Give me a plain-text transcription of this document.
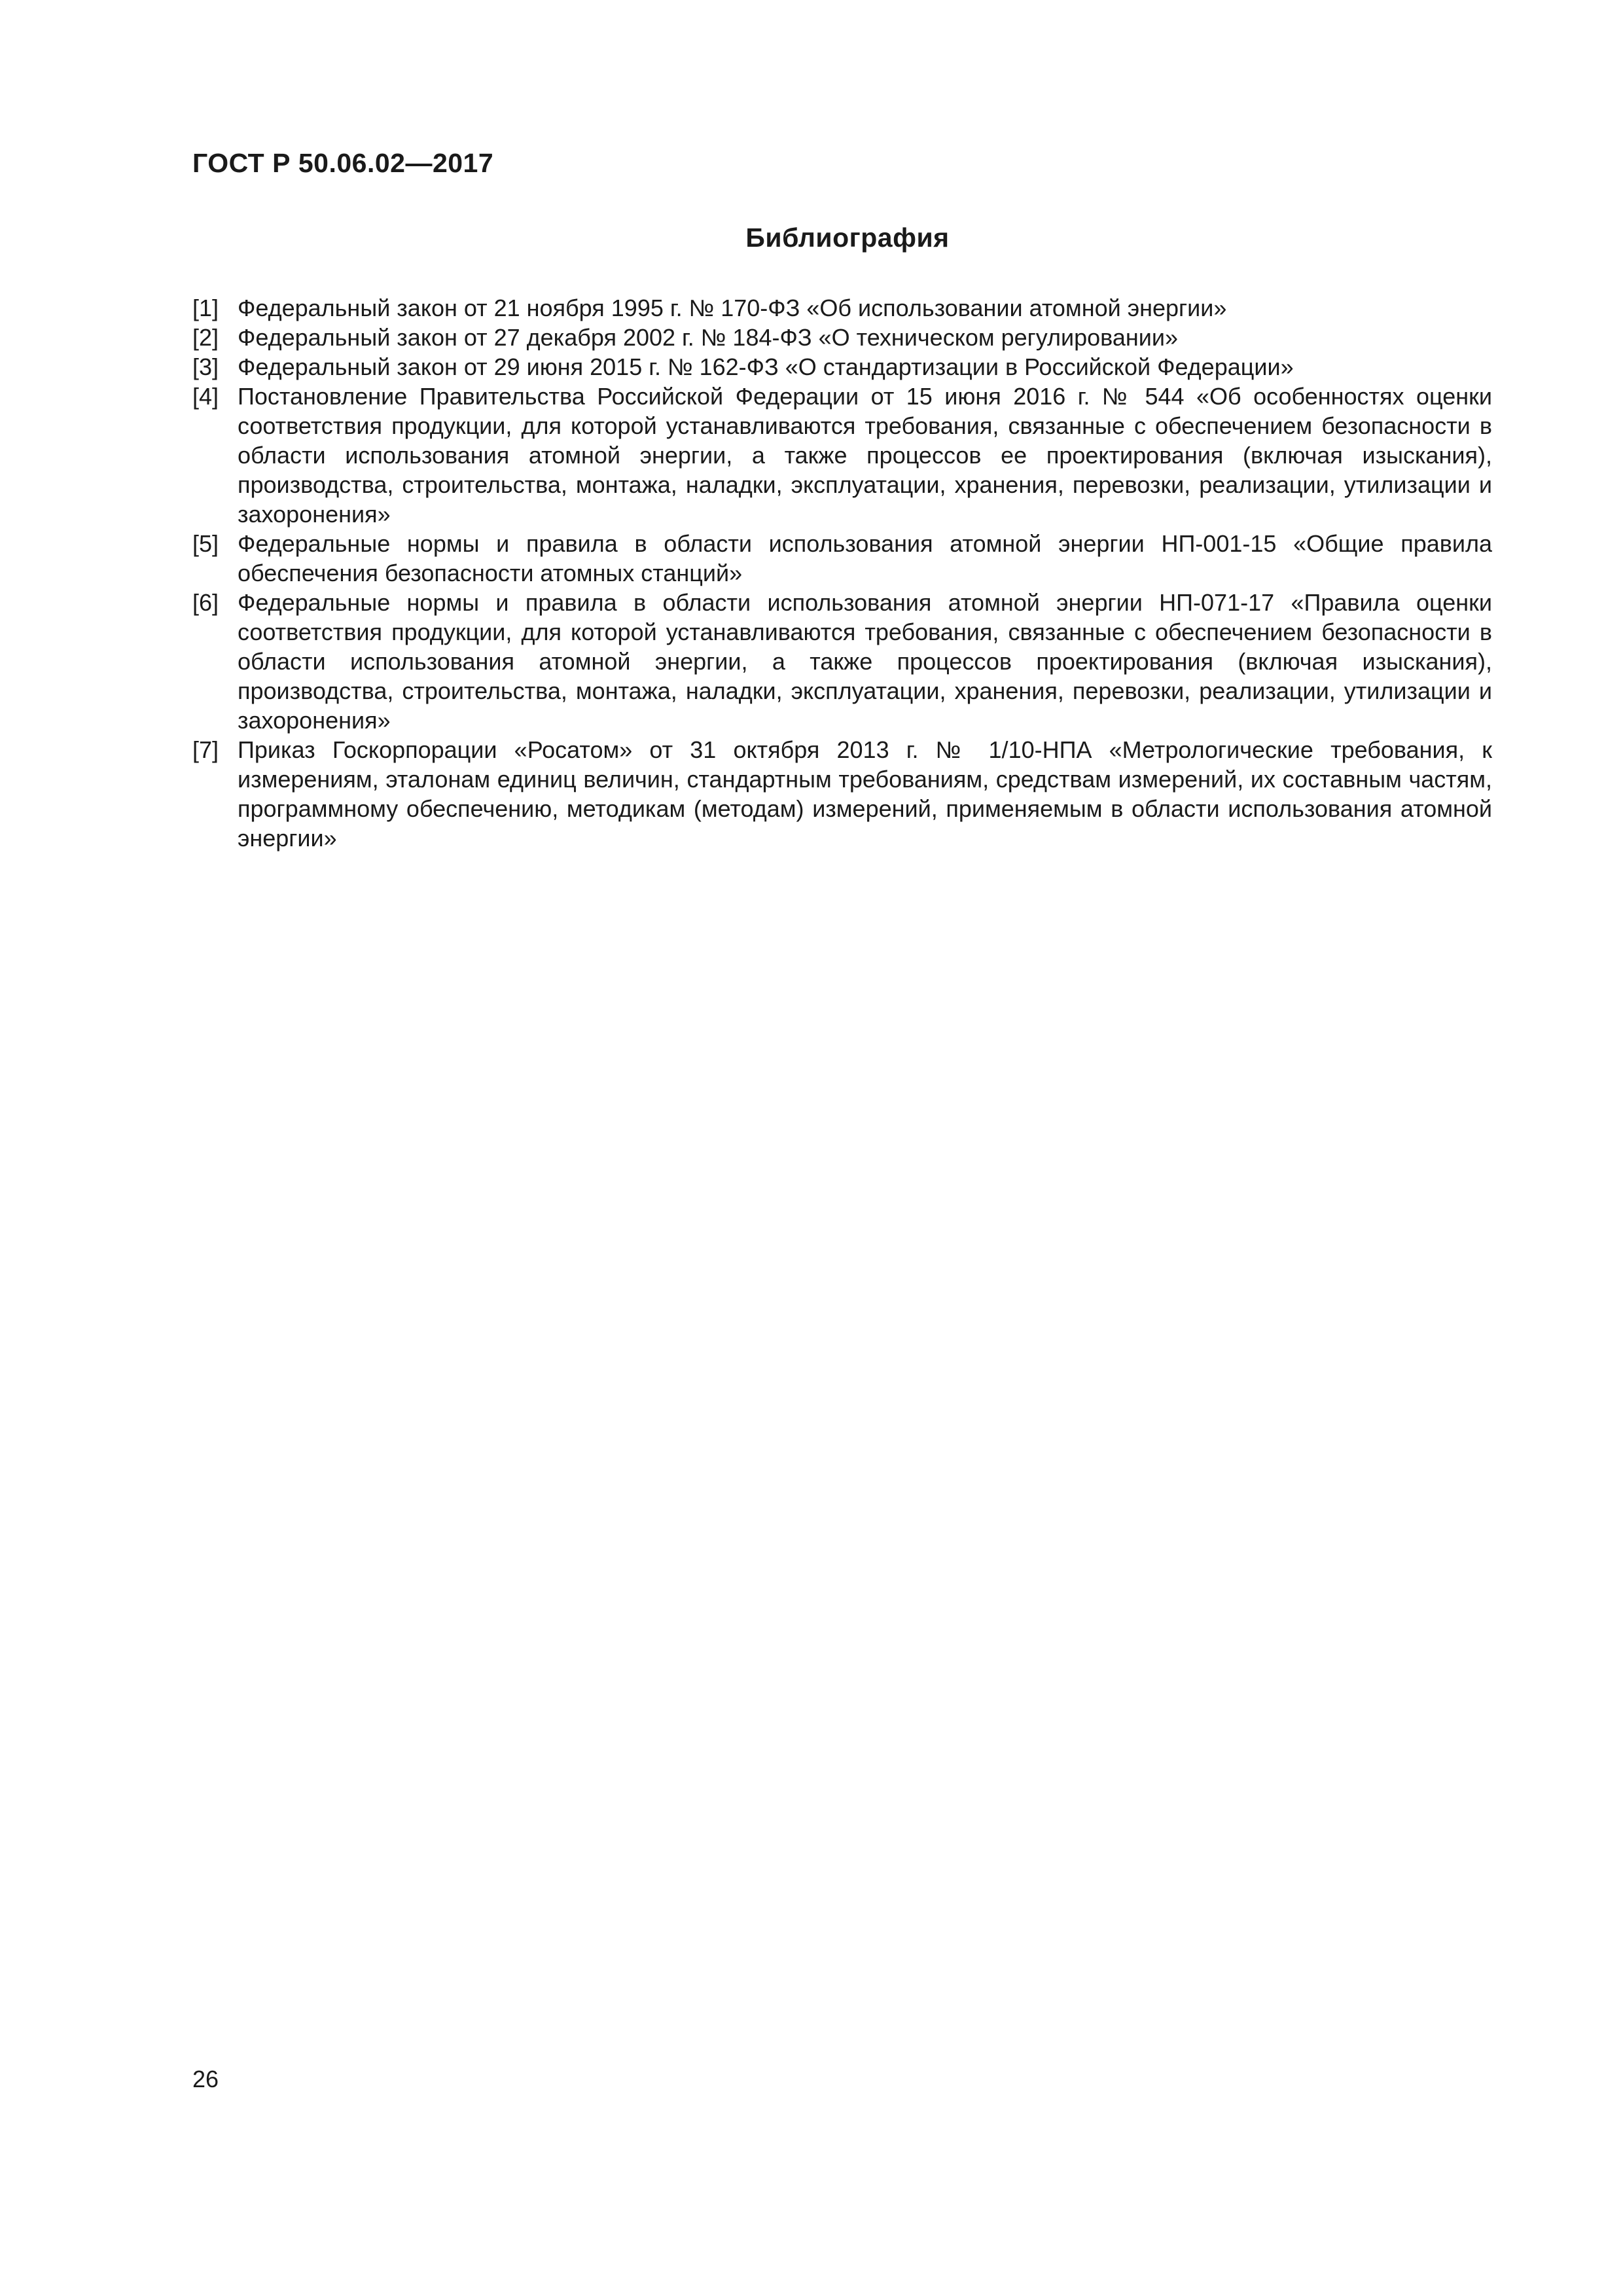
ГОСТ Р 50.06.02—2017
Библиография
[1] Федеральный закон от 21 ноября 1995 г. № 170-ФЗ «Об использовании атомной энергии»
[2] Федеральный закон от 27 декабря 2002 г. № 184-ФЗ «О техническом регулировании»
[3] Федеральный закон от 29 июня 2015 г. № 162-ФЗ «О стандартизации в Российской Федерации»
[4] Постановление Правительства Российской Федерации от 15 июня 2016 г. № 544 «Об особенностях оценки соответствия продукции, для которой устанавливаются требования, связанные с обеспечением безопасности в области использования атомной энергии, а также процессов ее проектирования (включая изыскания), производства, строительства, монтажа, наладки, эксплуатации, хранения, перевозки, реализации, утилизации и захоронения»
[5] Федеральные нормы и правила в области использования атомной энергии НП-001-15 «Общие правила обеспечения безопасности атомных станций»
[6] Федеральные нормы и правила в области использования атомной энергии НП-071-17 «Правила оценки соответствия продукции, для которой устанавливаются требования, связанные с обеспечением безопасности в области использования атомной энергии, а также процессов проектирования (включая изыскания), производства, строительства, монтажа, наладки, эксплуатации, хранения, перевозки, реализации, утилизации и захоронения»
[7] Приказ Госкорпорации «Росатом» от 31 октября 2013 г. № 1/10-НПА «Метрологические требования, к измерениям, эталонам единиц величин, стандартным требованиям, средствам измерений, их составным частям, программному обеспечению, методикам (методам) измерений, применяемым в области использования атомной энергии»

26
